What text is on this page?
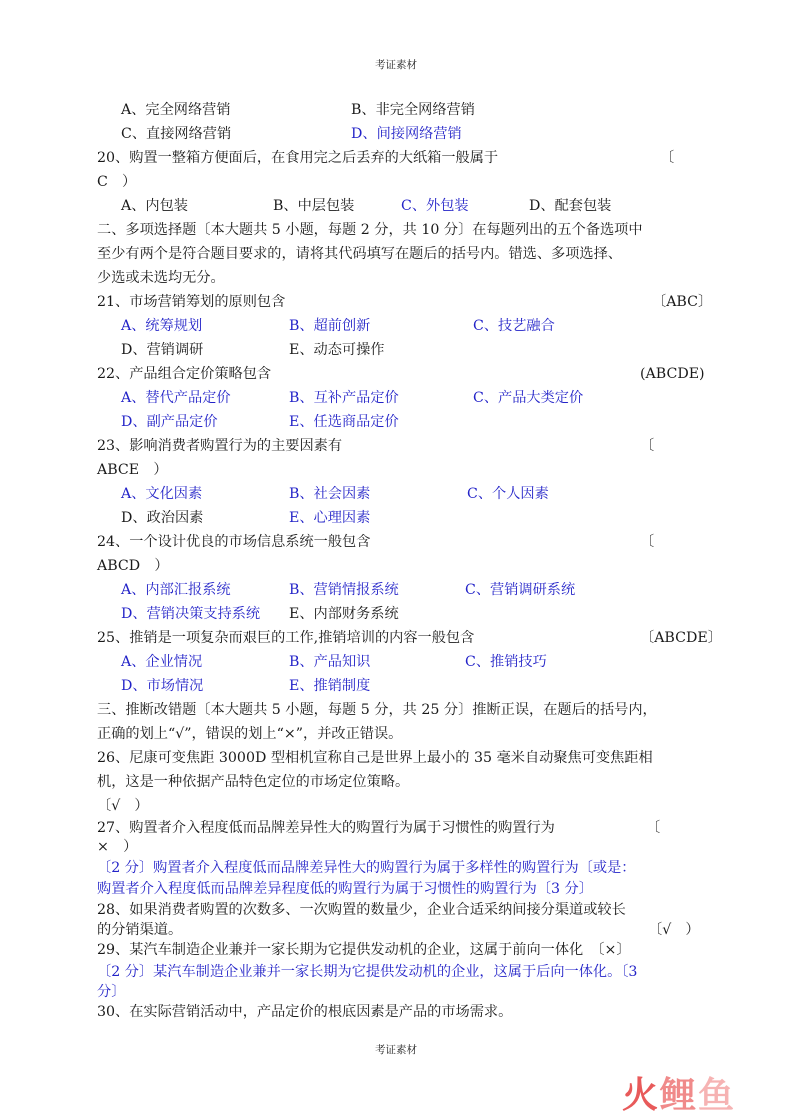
考证素材
A、完全网络营销	B、非完全网络营销
C、直接网络营销	D、间接网络营销
20、购置一整箱方便面后，在食用完之后丢弃的大纸箱一般属于	〔
C　）
A、内包装	B、中层包装	C、外包装	D、配套包装
二、多项选择题〔本大题共 5 小题，每题 2 分，共 10 分〕在每题列出的五个备选项中
至少有两个是符合题目要求的，请将其代码填写在题后的括号内。错选、多项选择、
少选或未选均无分。
21、市场营销筹划的原则包含	〔ABC〕
A、统筹规划	B、超前创新	C、技艺融合
D、营销调研	E、动态可操作
22、产品组合定价策略包含	(ABCDE)
A、替代产品定价	B、互补产品定价	C、产品大类定价
D、副产品定价	E、任选商品定价
23、影响消费者购置行为的主要因素有	〔
ABCE　）
A、文化因素	B、社会因素	C、个人因素
D、政治因素	E、心理因素
24、一个设计优良的市场信息系统一般包含	〔
ABCD　）
A、内部汇报系统	B、营销情报系统	C、营销调研系统
D、营销决策支持系统 E、内部财务系统
25、推销是一项复杂而艰巨的工作,推销培训的内容一般包含	〔ABCDE〕
A、企业情况	B、产品知识	C、推销技巧
D、市场情况	E、推销制度
三、推断改错题〔本大题共 5 小题，每题 5 分，共 25 分〕推断正误，在题后的括号内，
正确的划上“√”，错误的划上“×”，并改正错误。
26、尼康可变焦距 3000D 型相机宣称自己是世界上最小的 35 毫米自动聚焦可变焦距相
机，这是一种依据产品特色定位的市场定位策略。
〔√　）
27、购置者介入程度低而品牌差异性大的购置行为属于习惯性的购置行为	〔
×　）
〔2 分〕购置者介入程度低而品牌差异性大的购置行为属于多样性的购置行为〔或是：
购置者介入程度低而品牌差异程度低的购置行为属于习惯性的购置行为〔3 分〕
28、如果消费者购置的次数多、一次购置的数量少，企业合适采纳间接分渠道或较长
的分销渠道。	〔√　）
29、某汽车制造企业兼并一家长期为它提供发动机的企业，这属于前向一体化　〔×〕
〔2 分〕某汽车制造企业兼并一家长期为它提供发动机的企业，这属于后向一体化。〔3
分〕
30、在实际营销活动中，产品定价的根底因素是产品的市场需求。
考证素材
火 鲤 鱼
